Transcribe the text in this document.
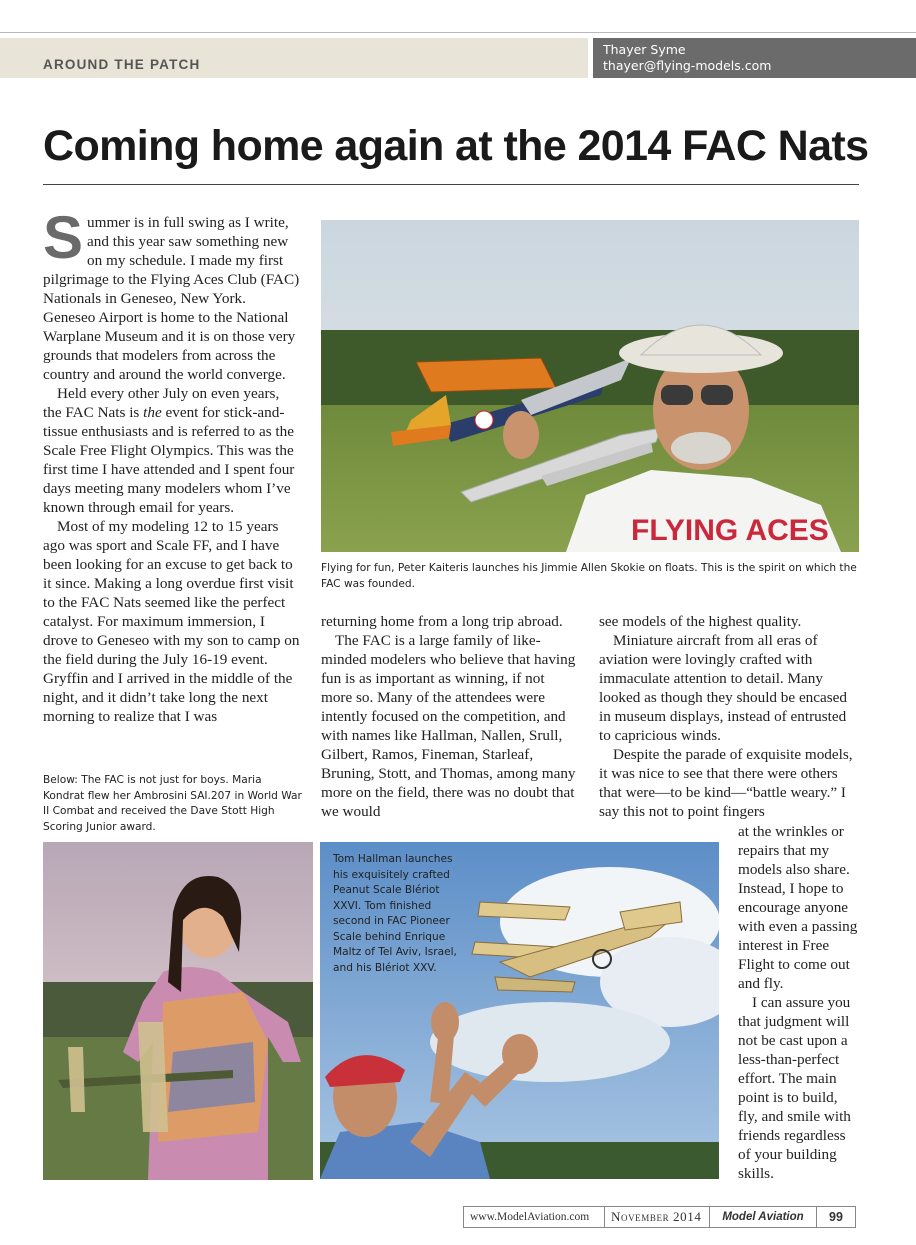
AROUND THE PATCH
Thayer Syme
thayer@flying-models.com
Coming home again at the 2014 FAC Nats

Summer is in full swing as I write, and this year saw something new on my schedule. I made my first pilgrimage to the Flying Aces Club (FAC) Nationals in Geneseo, New York. Geneseo Airport is home to the National Warplane Museum and it is on those very grounds that modelers from across the country and around the world converge.

Held every other July on even years, the FAC Nats is the event for stick-and-tissue enthusiasts and is referred to as the Scale Free Flight Olympics. This was the first time I have attended and I spent four days meeting many modelers whom I’ve known through email for years.

Most of my modeling 12 to 15 years ago was sport and Scale FF, and I have been looking for an excuse to get back to it since. Making a long overdue first visit to the FAC Nats seemed like the perfect catalyst. For maximum immersion, I drove to Geneseo with my son to camp on the field during the July 16-19 event. Gryffin and I arrived in the middle of the night, and it didn’t take long the next morning to realize that I was

FLYING ACES
Flying for fun, Peter Kaiteris launches his Jimmie Allen Skokie on floats. This is the spirit on which the FAC was founded.
Below: The FAC is not just for boys. Maria Kondrat flew her Ambrosini SAI.207 in World War II Combat and received the Dave Stott High Scoring Junior award.
Tom Hallman launches his exquisitely crafted Peanut Scale Blériot XXVI. Tom finished second in FAC Pioneer Scale behind Enrique Maltz of Tel Aviv, Israel, and his Blériot XXV.

returning home from a long trip abroad.

The FAC is a large family of like-minded modelers who believe that having fun is as important as winning, if not more so. Many of the attendees were intently focused on the competition, and with names like Hallman, Nallen, Srull, Gilbert, Ramos, Fineman, Starleaf, Bruning, Stott, and Thomas, among many more on the field, there was no doubt that we would

see models of the highest quality.

Miniature aircraft from all eras of aviation were lovingly crafted with immaculate attention to detail. Many looked as though they should be encased in museum displays, instead of entrusted to capricious winds.

Despite the parade of exquisite models, it was nice to see that there were others that were—to be kind—“battle weary.” I say this not to point fingers

at the wrinkles or repairs that my models also share. Instead, I hope to encourage anyone with even a passing interest in Free Flight to come out and fly.

I can assure you that judgment will not be cast upon a less-than-perfect effort. The main point is to build, fly, and smile with friends regardless of your building skills.

www.ModelAviation.com	November 2014	Model Aviation	99
